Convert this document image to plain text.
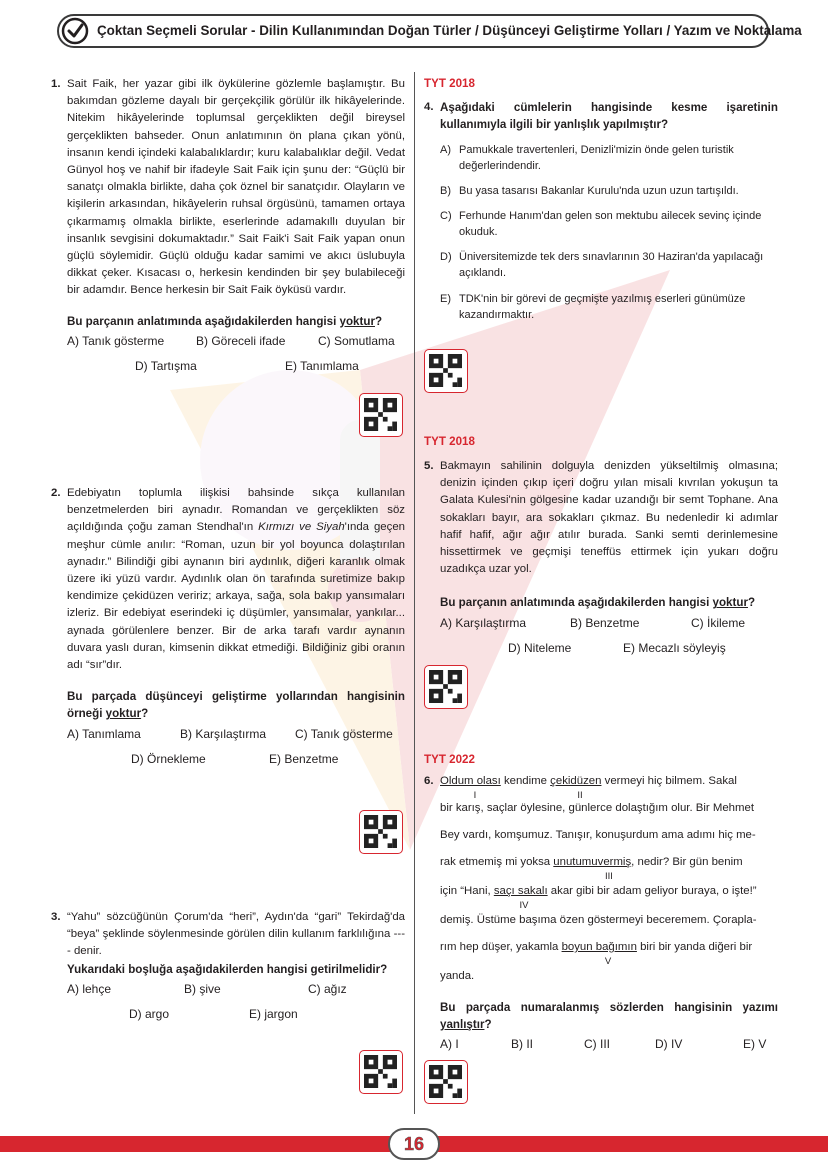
Çoktan Seçmeli Sorular - Dilin Kullanımından Doğan Türler / Düşünceyi Geliştirme Yolları / Yazım ve Noktalama
1. Sait Faik, her yazar gibi ilk öykülerine gözlemle başlamıştır. Bu bakımdan gözleme dayalı bir gerçekçilik görülür ilk hikâyelerinde. Nitekim hikâyelerinde toplumsal gerçeklikten değil bireysel gerçeklikten bahseder. Onun anlatımının ön plana çıkan yönü, insanın kendi içindeki kalabalıklardır; kuru kalabalıklar değil. Vedat Günyol hoş ve nahif bir ifadeyle Sait Faik için şunu der: “Güçlü bir sanatçı olmakla birlikte, daha çok öznel bir sanatçıdır. Olayların ve kişilerin arkasından, hikâyelerin ruhsal örgüsünü, tamamen ortaya çıkarmamış olmakla birlikte, eserlerinde adamakıllı duyulan bir insanlık sevgisini dokumaktadır.” Sait Faik'i Sait Faik yapan onun güçlü söylemidir. Güçlü olduğu kadar samimi ve akıcı üslubuyla dikkat çeker. Kısacası o, herkesin kendinden bir şey bulabileceği bir adamdır. Bence herkesin bir Sait Faik öyküsü vardır.

Bu parçanın anlatımında aşağıdakilerden hangisi yoktur?

A) Tanık gösterme	B) Göreceli ifade	C) Somutlama
D) Tartışma	E) Tanımlama
2. Edebiyatın toplumla ilişkisi bahsinde sıkça kullanılan benzetmelerden biri aynadır. Romandan ve gerçeklikten söz açıldığında çoğu zaman Stendhal'ın Kırmızı ve Siyah'ında geçen meşhur cümle anılır: “Roman, uzun bir yol boyunca dolaştırılan aynadır.” Bilindiği gibi aynanın biri aydınlık, diğeri karanlık olmak üzere iki yüzü vardır. Aydınlık olan ön tarafında suretimize bakıp kendimize çekidüzen veririz; arkaya, sağa, sola bakıp yansımaları izleriz. Bir edebiyat eserindeki iç düşümler, yansımalar, yankılar... aynada görülenlere benzer. Bir de arka tarafı vardır aynanın duvara yaslı duran, kimsenin dikkat etmediği. Bildiğiniz gibi oranın adı “sır”dır.

Bu parçada düşünceyi geliştirme yollarından hangisinin örneği yoktur?

A) Tanımlama	B) Karşılaştırma C) Tanık gösterme
D) Örnekleme	E) Benzetme
3. “Yahu” sözcüğünün Çorum'da “heri”, Aydın'da “gari” Tekirdağ'da “beya” şeklinde söylenmesinde görülen dilin kullanım farklılığına ---- denir.

Yukarıdaki boşluğa aşağıdakilerden hangisi getirilmelidir?

A) lehçe	B) şive	C) ağız
D) argo	E) jargon
TYT 2018
4. Aşağıdaki cümlelerin hangisinde kesme işaretinin kullanımıyla ilgili bir yanlışlık yapılmıştır?

A) Pamukkale travertenleri, Denizli'mizin önde gelen turistik değerlerindendir.
B) Bu yasa tasarısı Bakanlar Kurulu'nda uzun uzun tartışıldı.
C) Ferhunde Hanım'dan gelen son mektubu ailecek sevinç içinde okuduk.
D) Üniversitemizde tek ders sınavlarının 30 Haziran'da yapılacağı açıklandı.
E) TDK'nin bir görevi de geçmişte yazılmış eserleri günümüze kazandırmaktır.
TYT 2018
5. Bakmayın sahilinin dolguyla denizden yükseltilmiş olmasına; denizin içinden çıkıp içeri doğru yılan misali kıvrılan yokuşun ta Galata Kulesi'nin gölgesine kadar uzandığı bir semt Tophane. Ana sokakları bayır, ara sokakları çıkmaz. Bu nedenledir ki adımlar hafif hafif, ağır ağır atılır burada. Sanki semti derinlemesine hissettirmek ve geçmişi teneffüs ettirmek için yukarı doğru uzadıkça uzar yol.

Bu parçanın anlatımında aşağıdakilerden hangisi yoktur?

A) Karşılaştırma	B) Benzetme	C) İkileme
D) Niteleme	E) Mecazlı söyleyiş
TYT 2022
6. Oldum olası kendime çekidüzen vermeyi hiç bilmem. Sakal
bir karış, saçlar öylesine, günlerce dolaştığım olur. Bir Mehmet
Bey vardı, komşumuz. Tanışır, konuşurdum ama adımı hiç me-
rak etmemiş mi yoksa unutumuvermiş, nedir? Bir gün benim
için “Hani, saçı sakalı akar gibi bir adam geliyor buraya, o işte!”
demiş. Üstüme başıma özen göstermeyi beceremem. Çorapla-
rım hep düşer, yakamla boyun bağımın biri bir yanda diğeri bir
yanda.
I	II
III
IV
V

Bu parçada numaralanmış sözlerden hangisinin yazımı yanlıştır?

A) I	B) II	C) III	D) IV	E) V
16
